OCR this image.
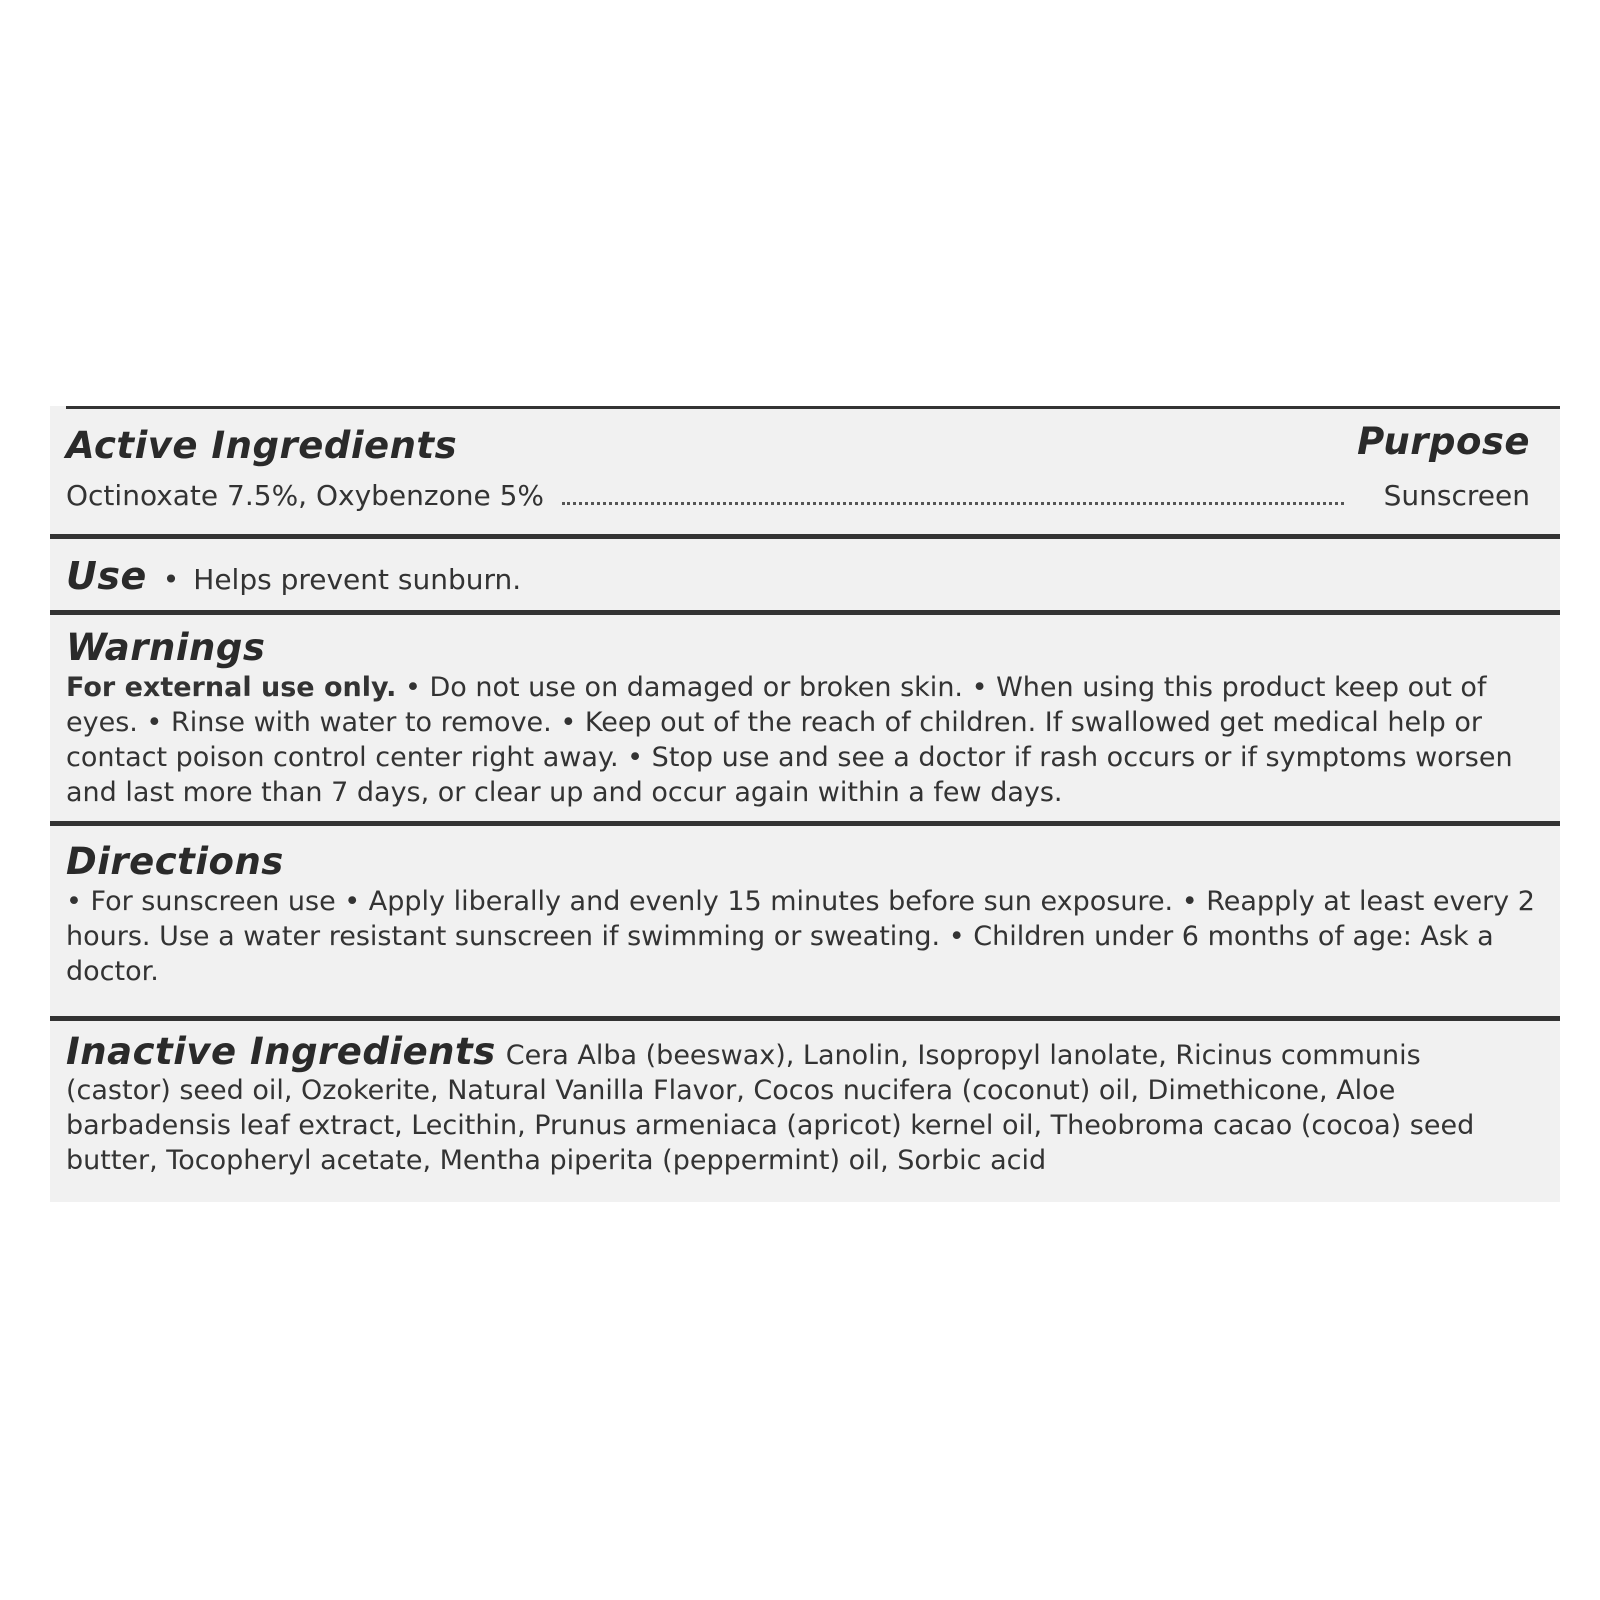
Active Ingredients	Purpose
Octinoxate 7.5%, Oxybenzone 5%	Sunscreen
Use • Helps prevent sunburn.
Warnings
For external use only. • Do not use on damaged or broken skin. • When using this product keep out of eyes. • Rinse with water to remove. • Keep out of the reach of children. If swallowed get medical help or contact poison control center right away. • Stop use and see a doctor if rash occurs or if symptoms worsen and last more than 7 days, or clear up and occur again within a few days.
Directions
• For sunscreen use • Apply liberally and evenly 15 minutes before sun exposure. • Reapply at least every 2 hours. Use a water resistant sunscreen if swimming or sweating. • Children under 6 months of age: Ask a doctor.
Inactive Ingredients Cera Alba (beeswax), Lanolin, Isopropyl lanolate, Ricinus communis (castor) seed oil, Ozokerite, Natural Vanilla Flavor, Cocos nucifera (coconut) oil, Dimethicone, Aloe barbadensis leaf extract, Lecithin, Prunus armeniaca (apricot) kernel oil, Theobroma cacao (cocoa) seed butter, Tocopheryl acetate, Mentha piperita (peppermint) oil, Sorbic acid
